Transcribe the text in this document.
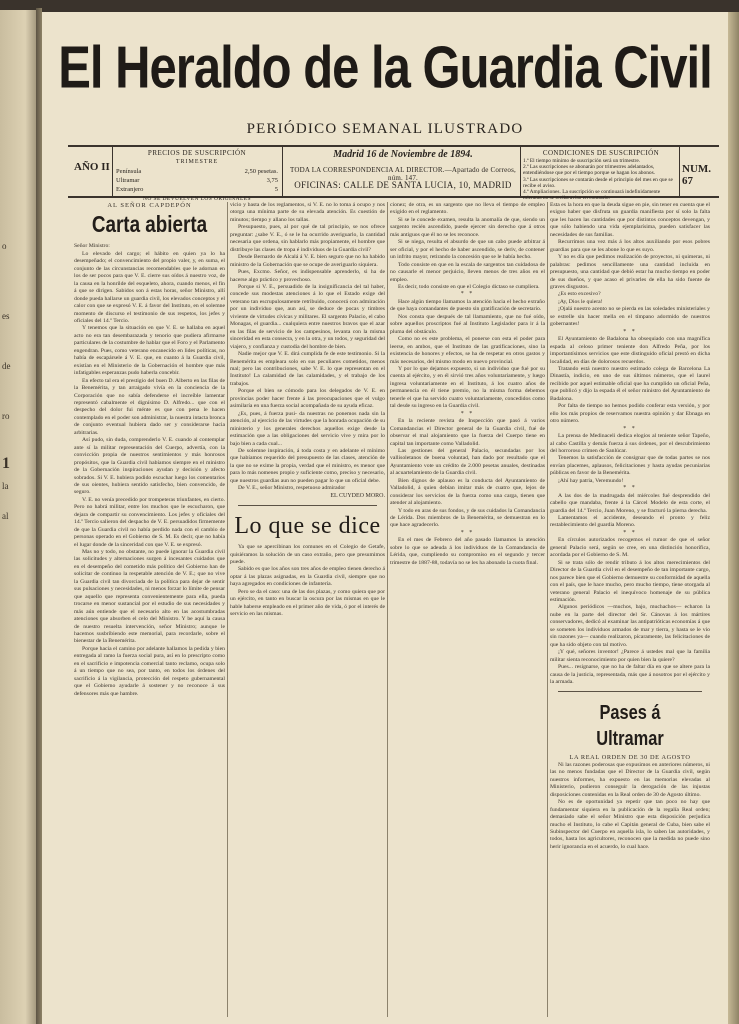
o
es
de
ro
la
al
1
El Heraldo de la Guardia Civil
PERIÓDICO SEMANAL ILUSTRADO
AÑO II
PRECIOS DE SUSCRIPCIÓN
TRIMESTRE
Península	2,50 pesetas.
Ultramar	3,75
Extranjero	5
NO SE DEVUELVEN LOS ORIGINALES
Madrid 16 de Noviembre de 1894.
TODA LA CORRESPONDENCIA AL DIRECTOR.—Apartado de Correos, núm. 147.
OFICINAS: CALLE DE SANTA LUCIA, 10, MADRID
CONDICIONES DE SUSCRIPCIÓN
1.ª El tiempo mínimo de suscripción será un trimestre.
2.ª Las suscripciones se abonarán por trimestres adelantados, entendiéndose que por el tiempo porque se hagan los abonos.
3.ª Las suscripciones se contarán desde el principio del mes en que se recibe el aviso.
4.ª Ampliaciones. La suscripción se continuará indefinidamente mientras no se reciba aviso en contrario.
NUM. 67

AL SEÑOR CAPDEPÓN

Carta abierta

Señor Ministro:

Lo elevado del cargo; el hábito en quien ya lo ha desempeñado; el convencimiento del propio valer, y, en suma, el conjunto de las circunstancias recomendables que le adornan en los de ser pocos para que V. E. cierre sus oídos á nuestro voz, de la causa en la honrilde del esqueleto, ahora, cuando menos, el fin á que se dirigen. Sabidos son á estas horas, señor Ministro, allí donde pueda hallarse un guardia civil, los elevados conceptos y el calor con que se expresó V. E. á favor del Instituto, en el solemne momento de discurso el testimonio de sus respetos, los jefes y oficiales del 14.º Tercio.

Y tenemos que la situación en que V. E. se hallaba en aquel acto no era tan desembarazada y tenorio que pudiera afirmarse particulares de la costumbre de hablar que el Foro y el Parlamento engendran. Pues, como veterano encanecido en lides políticas, no había de escapársele á V. E. que, en cuanto á la Guardia civil, existían en el Ministerio de la Gobernación el hombre que más infatigables esperanzas pudo haberla concebir.

En efecto tal era el prestigio del buen D. Alberto en las filas de la Benemérita, y tan arraigado vivía en la conciencia de la Corporación que no sabía defenderse el increíble lamentar representó cabalmente el dignísimo D. Alfredo... que con el despecho del dolor fui ménte es que con pena le hacen contemplado en el poder son administrar, la nuestra intacta bronca de conjunto eventual hubiera dado ser y considerarse hacia arbitrarias.

Así pudo, sin duda, comprenderlo V. E. cuando al contemplar ante sí la militar representación del Cuerpo, advertía, con la convicción propia de nuestros sentimientos y más honrosos propósitos, que la Guardia civil habíamos siempre en el ministro de la Gobernación inspiraciones ayudan y decisión y afecto sobrados. Si V. E. hubiera podido escuchar luego los comentarios de sus oientes, hubiera sentido satisfecho, bien convencido, de seguro.

V. E. no venía precedido por trompeteras triunfantes, en cierto. Pero no habrá militar, entre los muchos que le escucharon, que dejara de compartir su convencimiento. Los jefes y oficiales del 14.º Tercio salieron del despacho de V. E. persuadidos firmemente de que la Guardia civil no había perdido nada con el cambio de personas operado en el Gobierno de S. M. Es decir, que no había el lugar donde de la sinceridad con que V. E. se expresó.

Mas no y todo, no obstante, no puede ignorar la Guardia civil las solicitudes y alternaciones surgen á incesantes cuidados que en el desempeño del cometido más político del Gobierno han de solicitar de continuo la respetable atención de V. E.; que no vive la Guardia civil tan divorciada de la política para dejar de sentir sus pulsaciones y necesidades, ni menos forzar lo límite de pensar que aquello que representa convenientemente para ella, pueda trocarse en menor sustancial por el estudio de sus necesidades y más aún entiende que el necesario alto en las acostumbradas atenciones que absorben el celo del Ministro. Y be aquí la causa de nuestro resuelta intervención, señor Ministro; aunque le hacemos susbríbiendo este memorial, para recordarle, sobre el bienestar de la Benemérita.

Porque hacia el camino por adelante hallamos la pedida y bien entregada al ramo la fuerza social pura, así en lo prescripto como en el sacrificio e impotencia comercial tanto reclamo, ocupa solo á un tiempo que no sea, por tanto, en todos los órdenes del sacrificio á la vigilancia, protección del respeto gubernamental que el Gobierno ayudarle á sostener y no reconoce á sus defensores más que hambre.

vicio y basta de los reglamentos, si V. E. no lo toma á ocupo y nos otorga una mínima parte de su elevada atención. Es cuestión de minutos; tiempo y allano los tallas.

Presupuesto, pues, al por qué de tal principio, se nos ofrece preguntar: ¿sabe V. E., ó se le ha ocurrido averiguarlo, la cantidad necesaria que ordena, sin hablarlo más propiamente, el hombre que distribuye las clases de tropa é individuos de la Guardia civil?

Desde Bernardo de Alcalá á V. E. bien seguro que no ha habido ministro de la Gobernación que se ocupe de averiguarlo siquiera.

Pues, Excmo. Señor, es indispensable aprenderlo, si ha de hacerse algo práctico y provechoso.

Porque si V. E., persuadido de la insignificancia del tal haber, concede sus modestas atenciones á lo que el Estado exige del veterano tan escrupulosamente retribuido, conocerá con admiración por un individuo que, aun así, se deduce de pocas y timbres viviente de virtudes cívicas y militares. El sargento Palacio, el cabo Monagas, el guardia... cualquiera entre nuestros bravos que el azar en las filas de servicio de los campesinos, levanta con la misma sinceridad en esta consecra, y en la otra, y un todos, y seguridad del viajero, y confianza y custodia del hombre de bien.

Nadie mejor que V. E. dirá cumplida fe de este testimonio. Si la Benemérita es empleara solo en sus peculiares cometidos, menos mal; pero las contribuciones, sabe V. E. lo que representan en el Instituto! La calamidad de las calamidades, y el trabajo de los trabajos.

Porque el bien se cómodo para los delegados de V. E. en provincias poder hacer frente á las preocupaciones que el vulgo asimilaría en una fuerza social acompañada de su ayuda eficaz.

¿Es, pues, á fuerza pusi- da nuestras no ponemos nada sin la atención, al ejercicio de las virtudes que la honrada ocupación de su ministerio y los generales derechos aquellos exige desde la estimación que a las obligaciones del servicio vive y mira por lo bajo bien a cada cual...

De solemne inspiración, á toda costa y en adelante el mínimo que habíamos requerido del presupuesto de las clases, atención de la que no se exime la propia, verdad que el ministro, es menor que para lo más nomenes propio y suficiente como, preciso y necesario, que nuestros guardias aun no pueden pagar lo que un oficial debe.

De V. E., señor Ministro, respetuoso admirador

EL CUYDEO MORO.

Lo que se dice

Ya que se apercibinan los comunes en el Colegio de Getafe, quisiéramos la solución de un caso extraño, pero que presumimos puede.

Sabido es que los años son tres años de empleo tienen derecho á optar á las plazas asignadas, en la Guardia civil, siempre que no haya agregados en condiciones de infantería.

Pero se da el caso: una de las dos plazas, y como quiera que por un ejército, en tanto en buscar la oscura por las mismas en que le hable haberse empleado en el primer año de vida, ó por el interés de servicio en las mismas.

cionez; de otra, es un sargento que no lleva el tiempo de empleo exigido en el reglamento.

Si se le concede examen, resulta la anomalía de que, siendo un sargento recién ascendido, puede ejercer sin derecho que á otros más antiguos que él no se les reconoce.

Si se niega, resulta el absurdo de que un cabo puede arbitrar á ser oficial, y por el hecho de haber ascendido, se deriv, de contener un infrito mayor, retirando la concesión que se le había hecho.

Todo consiste en que en la escala de sargentos tan cuidadosa de no causarle el menor perjuicio, lleven menos de tres años en el empleo.

Es decir, todo consiste en que el Colegio dictaso se cumpliera.

* *

Hace algún tiempo llamamos la atención hacia el hecho extraño de que haya comandantes de puesto sin gratificación de secretario.

Nos consta que después de tal llamamiento, que no fué oído, sobre aquellos proscriptos fué al Instituto Legislador para ir á la pluma del obstáculo.

Como no es este problema, el ponerse con esta el poder para leerse, en ambos, que el Instituto de las gratificaciones, sino la existencia de honores y efectos, se ha de respetar en otros gastos y más necesarios, del mismo modo en nuevo provincial.

Y por lo que dejamos expuesto, si un individuo que fué por su cuenta al ejército, y en él sirvió tres años voluntariamente, y luego ingresa voluntariamente en el Instituto, á los cuatro años de permanencia en él tiene premio, no la misma forma debemos tenerle el que ha servido cuatro voluntariamente, concedidos como tal desde su ingreso en la Guardia civil.

* *

En la reciente revista de Inspección que pasó á varios Comandancias el Director general de la Guardia civil, fué de observar el mal alojamiento que la fuerza del Cuerpo tiene en capital tan importante como Valladolid.

Las gestiones del general Palacio, secundadas por los vallisoletanos de buena voluntad, han dado por resultado que el Ayuntamiento vote un crédito de 2.000 pesetas anuales, destinadas al acuartelamiento de la Guardia civil.

Bien dignos de aplauso es la conducta del Ayuntamiento de Valladolid, á quien debían imitar más de cuatro que, lejos de considerar los servicios de la fuerza como una carga, tienen que atender al alojamiento.

Y todo en aras de sus fondos, y de sus cuidados la Comandancia de Lérida. Dos miembros de la Benemérita, se demuestran en lo que hace agradecerlo.

* *

En el mes de Febrero del año pasado llamamos la atención sobre lo que se adeuda á los individuos de la Comandancia de Lérida, que, cumpliendo su compromiso en el segundo y tercer trimestre de 1887-88, todavía no se les ha abonado la cuota final.

Esta es la hora en que la deuda sigue en pie, sin tener en cuenta que el exiguo haber que disfruta un guardia manifiesta por sí solo la falta que les hacen las cantidades que por distintos conceptos devengan, y que sólo habiendo una vida ejemplarísima, pueden satisfacer las necesidades de sus familias.

Recurrimos una vez más á los altos auxiliando por esos pobres guardias para que se les abone lo que es suyo.

Y no es día que pedimos realización de proyectos, ni quimeras, ni palabras: pedimos sencillamente una cantidad incluida en presupuesto, una cantidad que debió estar ha mucho tiempo en poder de sus dueños, y que acaso el privarles de ella ha sido fuente de graves disgustos.

¿Es esto excesivo?

¡Ay, Dios le quiera!

¡Ojalá nuestro acento no se pierda en las soledades ministeriales y se estrelle sin hacer mella en el tímpano adormido de nuestros gobernantes!

* *

El Ayuntamiento de Badalona ha obsequiado con una magnífica espada al celoso primer teniente don Alfredo Peña, por los importantísimos servicios que este distinguido oficial prestó en dicha localidad, en días de dolorosos recuerdos.

Tratando está nuestro nuestro estimado colega de Barcelona La Dinastía, indicio, en uno de sus últimos números, que el laurel recibido por aquel estimable oficial que ha cumplido un oficial Peña, que publicó y dijo la espada él el señor ministro del Ayuntamiento de Badalona.

Por falta de tiempo no hemos podido conferar esta versión, y por ello los más propios de reservamos nuestra opinión y dar Ebnaga en otro número.

* *

La prensa de Medinaceli dedica elogios al teniente señor Tapeño, al cabo Castilla y demás fuerza á sus órdenes, por el descubrimiento del horroroso crimen de Sanlúcar.

Tenemos la satisfacción de consignar que de todas partes se nos envían placemes, aplausos, felicitaciones y hasta ayudas pecuniarias públicas en favor de la Benemérita.

¡Ahí hay patria, Veremundo!

* *

A las dos de la madrugada del miércoles fué desprendido del cabello que mandaba, frente á la Cárcel Modelo de esta corte, el guardia del 14.º Tercio, Juan Moreno, y se fracturó la pierna derecha.

Lamentamos el accidente, deseando el pronto y feliz restablecimiento del guardia Moreno.

* *

En círculos autorizados recogemos el rumor de que el señor general Palacio será, según se cree, en una distinción honorífica, acordada por el Gobierno de S. M.

Si se trata sólo de rendir tributo á los altos merecimientos del Director de la Guardia civil en el desempeño de tan importante cargo, nos parece bien que el Gobierno demuestre su conformidad de aquella con el país, que le hace mucho, pero mucho tiempo, tiene otorgada al veterano general Palacio el inequívoco homenaje de su pública estimación.

Algunos periódicos —muchos, bajo, muchachos— echaron la nube en la parte del director del Sr. Cánovas á los mártires conservadores, dedicó al examinar las antipatrióticas economías á que se someten los individuos armados de mar y tierra, y hasta se le vio sin razones ya— cuando realizaron, pícaramente, las felicitaciones de que ha sido objeto con tal motivo.

¡Y qué, señores inventor! ¿Parece á ustedes mal que la familia militar sienta reconocimiento por quien bien la quiere?

Pues... resignarse, que no ha de faltar día en que se altere para la causa de la justicia, representada, más que á nosotros por el ejército y la armada.

Pases á Ultramar

LA REAL ORDEN DE 30 DE AGOSTO

Ni las razones poderosas que expusimos en anteriores números, ni las no menos fundadas que el Director de la Guardia civil, según nuestros informes, ha expuesto en las memorias elevadas al Ministerio, pudieron conseguir la derogación de las injustas disposiciones contenidas en la Real orden de 30 de Agosto último.

No es de oportunidad ya repetir que tan poco no hay que fundamentar siquiera en la publicación de la regalía Real orden; demasiado sabe el señor Ministro que esta disposición perjudica mucho el Instituto, lo cabe el Capitán general de Cuba, bien sabe el Subinspector del Cuerpo en aquella isla, lo saben las autoridades, y todos, hasta los agricultores, reconocen que la medida no puede sino herir ignorancia en el acuerdo, lo cual hace.
